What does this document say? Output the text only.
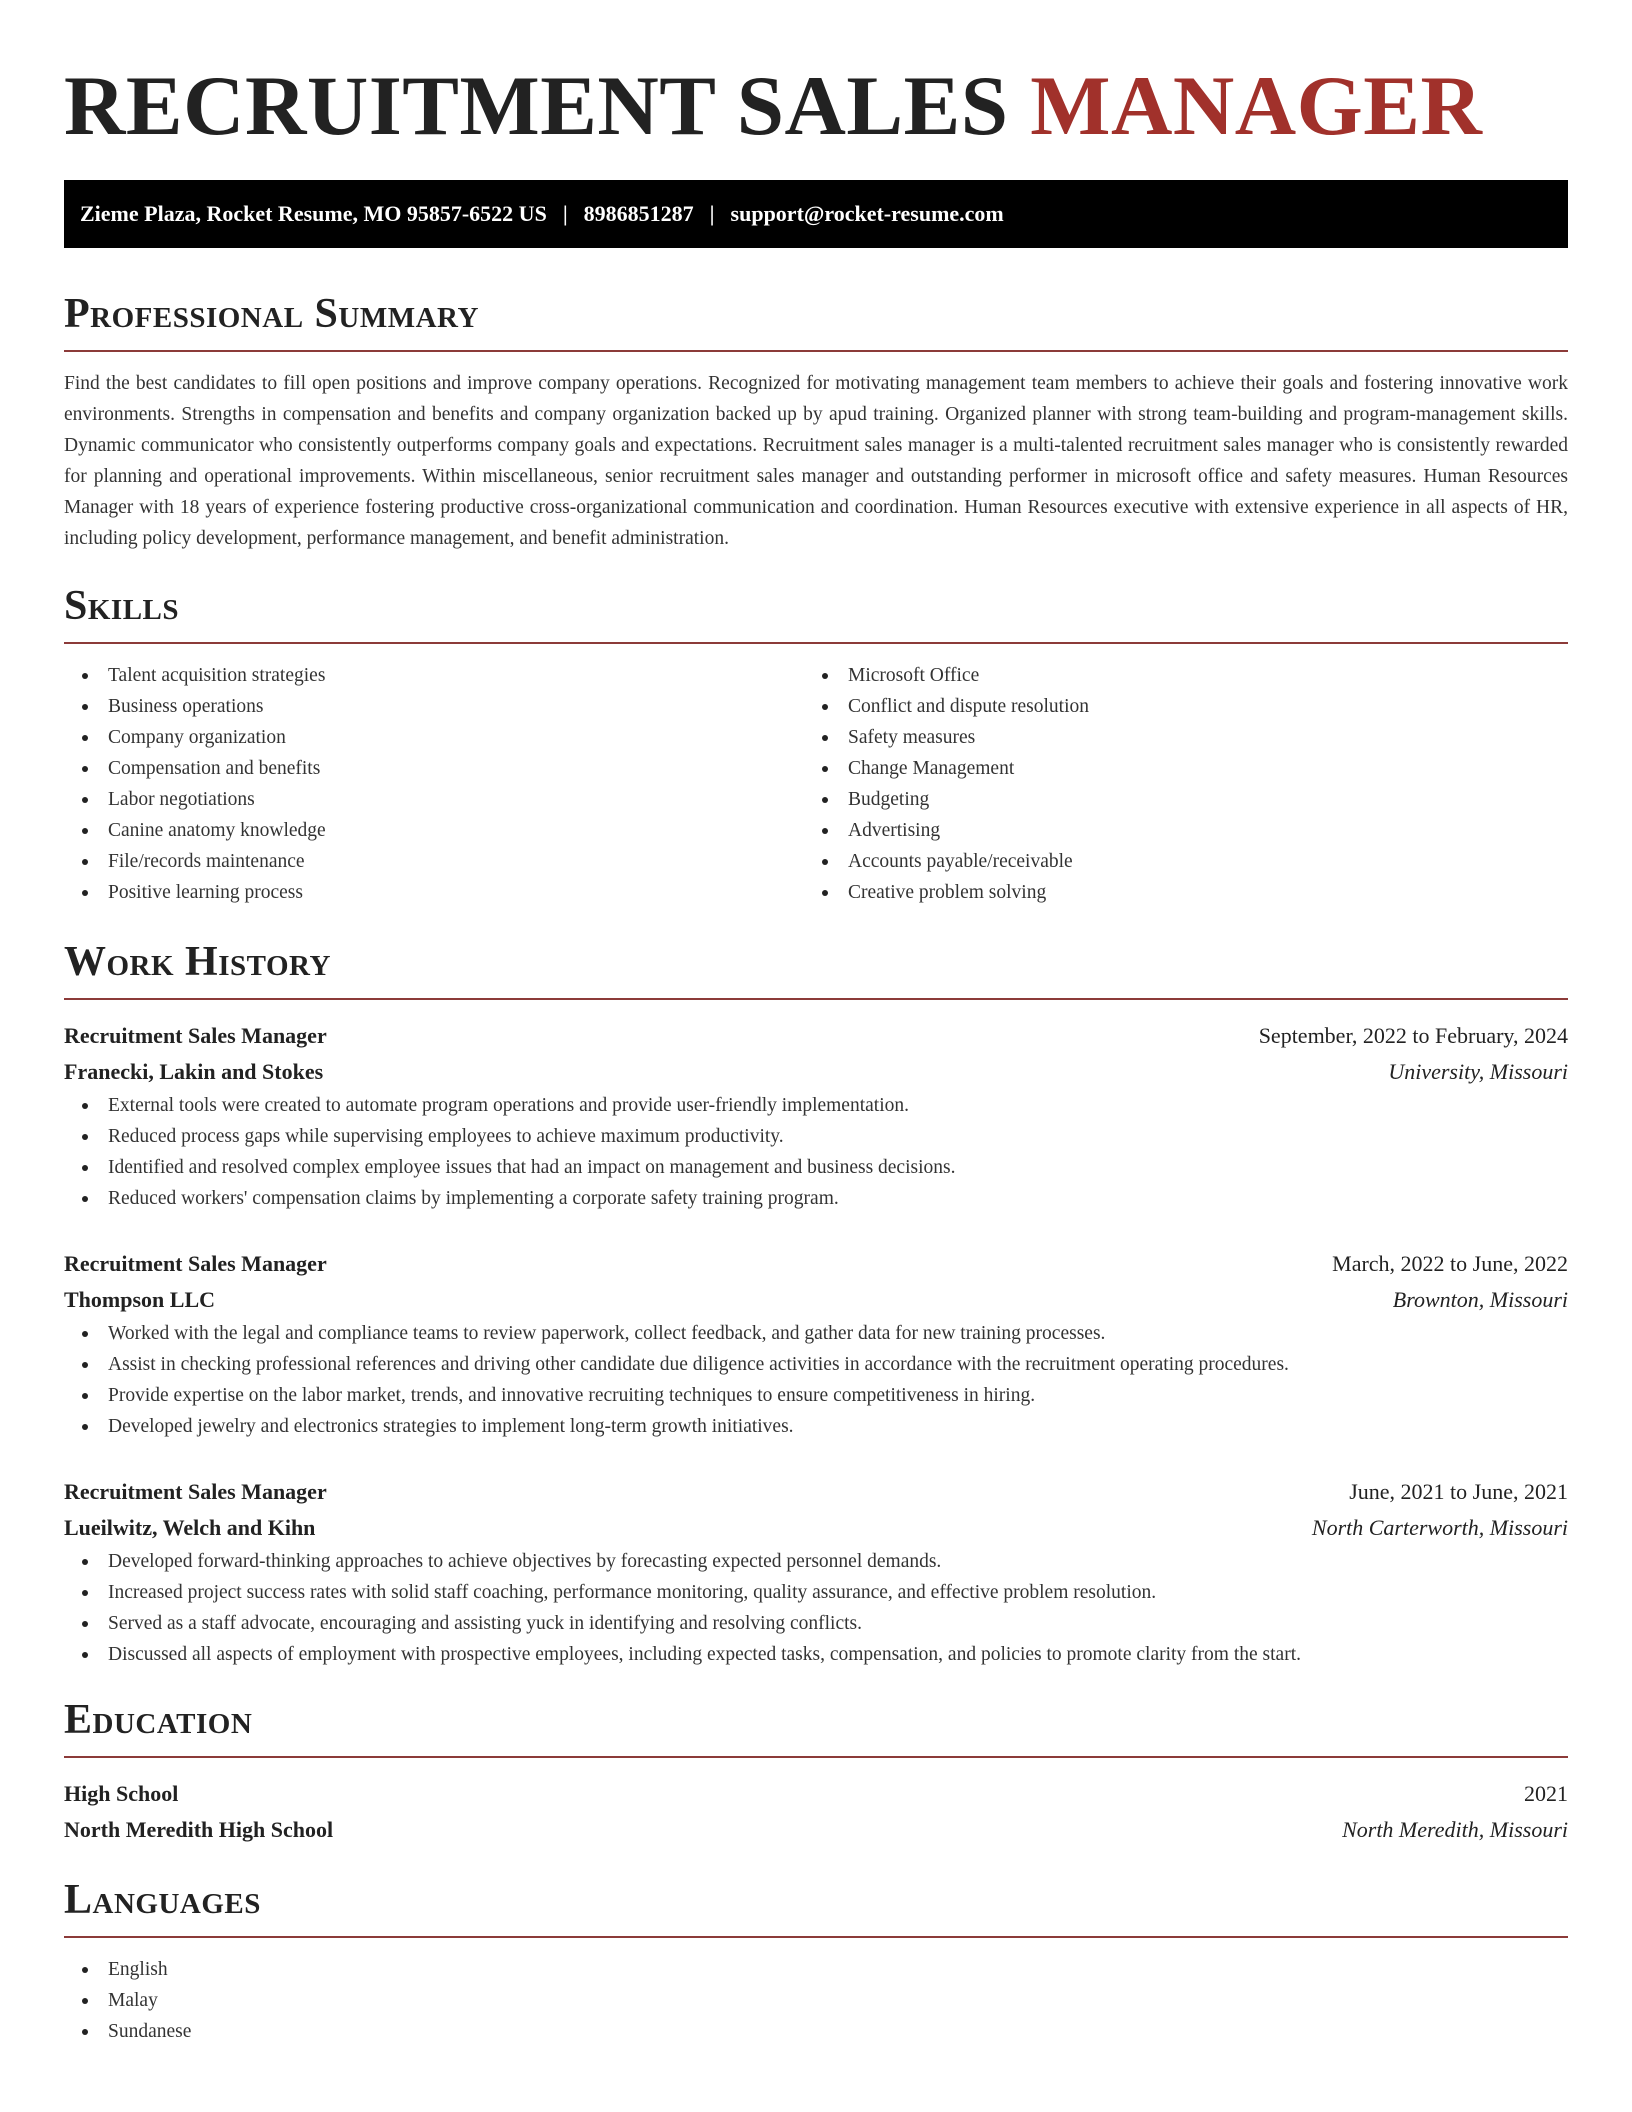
RECRUITMENT SALES MANAGER
Zieme Plaza, Rocket Resume, MO 95857-6522 US | 8986851287 | support@rocket-resume.com
Professional Summary

Find the best candidates to fill open positions and improve company operations. Recognized for motivating management team members to achieve their goals and fostering innovative work environments. Strengths in compensation and benefits and company organization backed up by apud training. Organized planner with strong team-building and program-management skills. Dynamic communicator who consistently outperforms company goals and expectations. Recruitment sales manager is a multi-talented recruitment sales manager who is consistently rewarded for planning and operational improvements. Within miscellaneous, senior recruitment sales manager and outstanding performer in microsoft office and safety measures. Human Resources Manager with 18 years of experience fostering productive cross-organizational communication and coordination. Human Resources executive with extensive experience in all aspects of HR, including policy development, performance management, and benefit administration.

Skills
Talent acquisition strategies
Business operations
Company organization
Compensation and benefits
Labor negotiations
Canine anatomy knowledge
File/records maintenance
Positive learning process
Microsoft Office
Conflict and dispute resolution
Safety measures
Change Management
Budgeting
Advertising
Accounts payable/receivable
Creative problem solving
Work History
Recruitment Sales Manager	September, 2022 to February, 2024
Franecki, Lakin and Stokes	University, Missouri
External tools were created to automate program operations and provide user-friendly implementation.
Reduced process gaps while supervising employees to achieve maximum productivity.
Identified and resolved complex employee issues that had an impact on management and business decisions.
Reduced workers' compensation claims by implementing a corporate safety training program.
Recruitment Sales Manager	March, 2022 to June, 2022
Thompson LLC	Brownton, Missouri
Worked with the legal and compliance teams to review paperwork, collect feedback, and gather data for new training processes.
Assist in checking professional references and driving other candidate due diligence activities in accordance with the recruitment operating procedures.
Provide expertise on the labor market, trends, and innovative recruiting techniques to ensure competitiveness in hiring.
Developed jewelry and electronics strategies to implement long-term growth initiatives.
Recruitment Sales Manager	June, 2021 to June, 2021
Lueilwitz, Welch and Kihn	North Carterworth, Missouri
Developed forward-thinking approaches to achieve objectives by forecasting expected personnel demands.
Increased project success rates with solid staff coaching, performance monitoring, quality assurance, and effective problem resolution.
Served as a staff advocate, encouraging and assisting yuck in identifying and resolving conflicts.
Discussed all aspects of employment with prospective employees, including expected tasks, compensation, and policies to promote clarity from the start.
Education
High School	2021
North Meredith High School	North Meredith, Missouri
Languages
English
Malay
Sundanese
